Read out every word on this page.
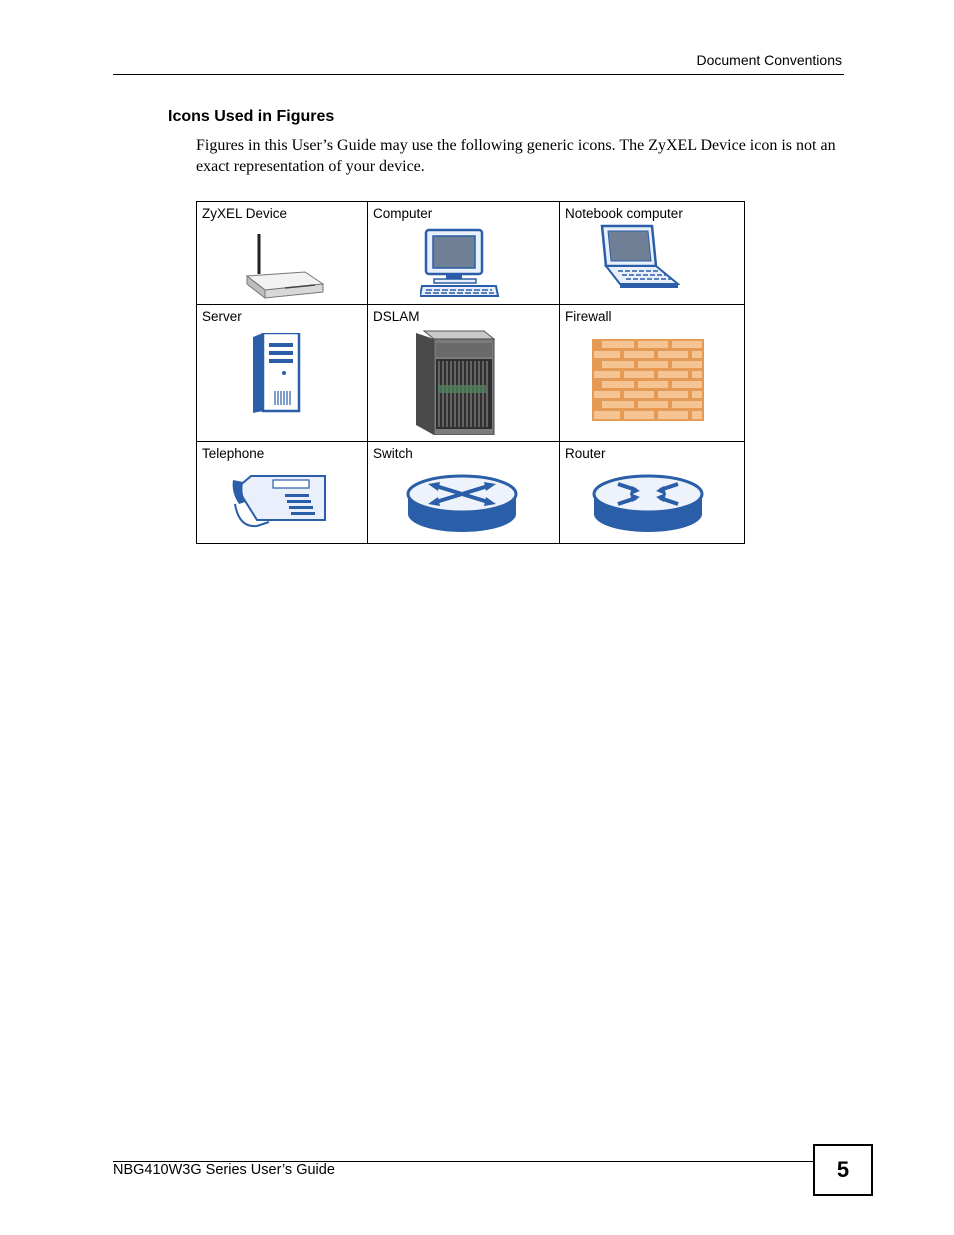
Document Conventions
Icons Used in Figures
Figures in this User’s Guide may use the following generic icons. The ZyXEL Device icon is not an exact representation of your device.
ZyXEL Device	Computer	Notebook computer

Server	DSLAM	Firewall

Telephone	Switch	Router
NBG410W3G Series User’s Guide	5
